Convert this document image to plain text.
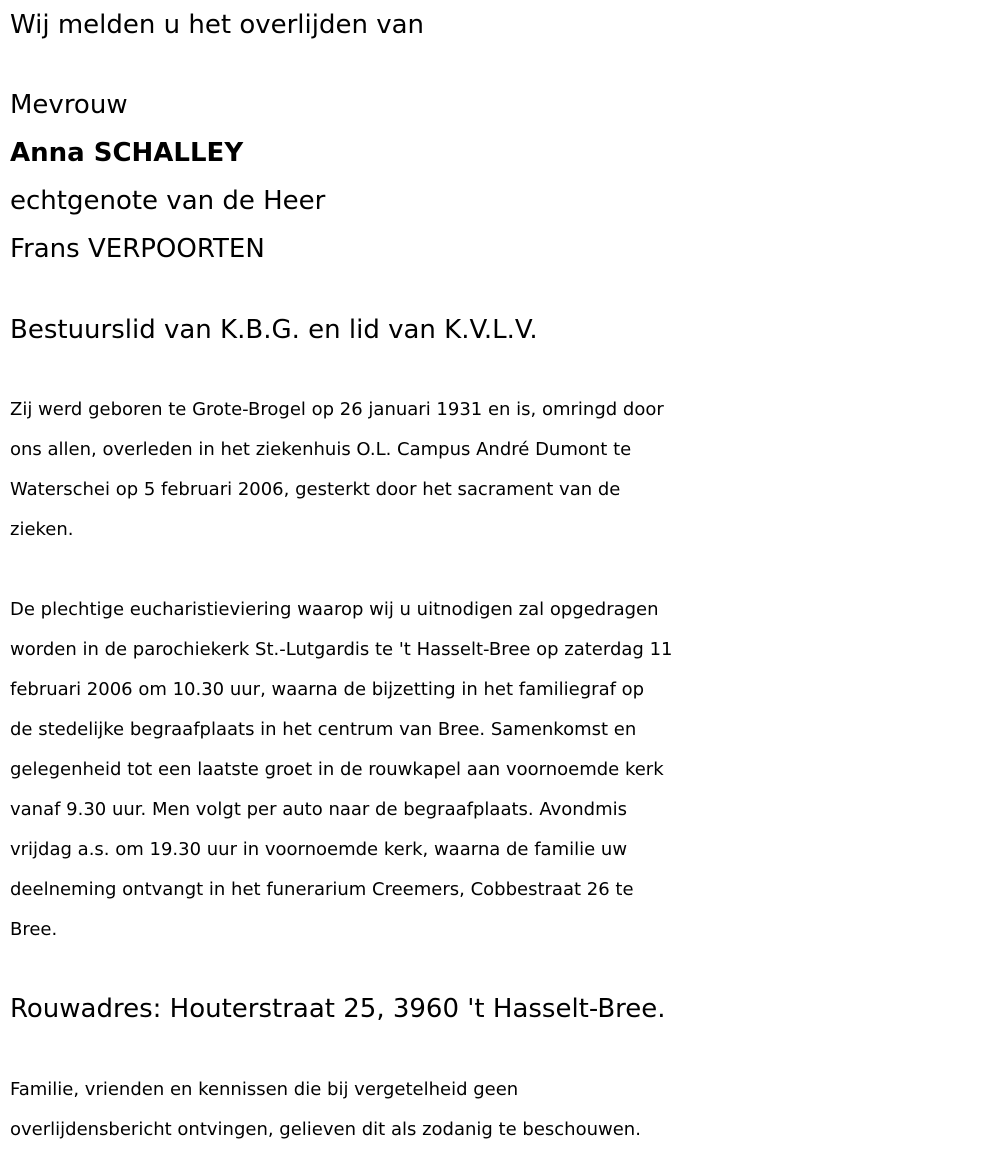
Wij melden u het overlijden van
Mevrouw
Anna SCHALLEY
echtgenote van de Heer
Frans VERPOORTEN
Bestuurslid van K.B.G. en lid van K.V.L.V.
Zij werd geboren te Grote-Brogel op 26 januari 1931 en is, omringd door
ons allen, overleden in het ziekenhuis O.L. Campus André Dumont te
Waterschei op 5 februari 2006, gesterkt door het sacrament van de
zieken.
De plechtige eucharistieviering waarop wij u uitnodigen zal opgedragen
worden in de parochiekerk St.-Lutgardis te 't Hasselt-Bree op zaterdag 11
februari 2006 om 10.30 uur, waarna de bijzetting in het familiegraf op
de stedelijke begraafplaats in het centrum van Bree. Samenkomst en
gelegenheid tot een laatste groet in de rouwkapel aan voornoemde kerk
vanaf 9.30 uur. Men volgt per auto naar de begraafplaats. Avondmis
vrijdag a.s. om 19.30 uur in voornoemde kerk, waarna de familie uw
deelneming ontvangt in het funerarium Creemers, Cobbestraat 26 te
Bree.
Rouwadres: Houterstraat 25, 3960 't Hasselt-Bree.
Familie, vrienden en kennissen die bij vergetelheid geen
overlijdensbericht ontvingen, gelieven dit als zodanig te beschouwen.
